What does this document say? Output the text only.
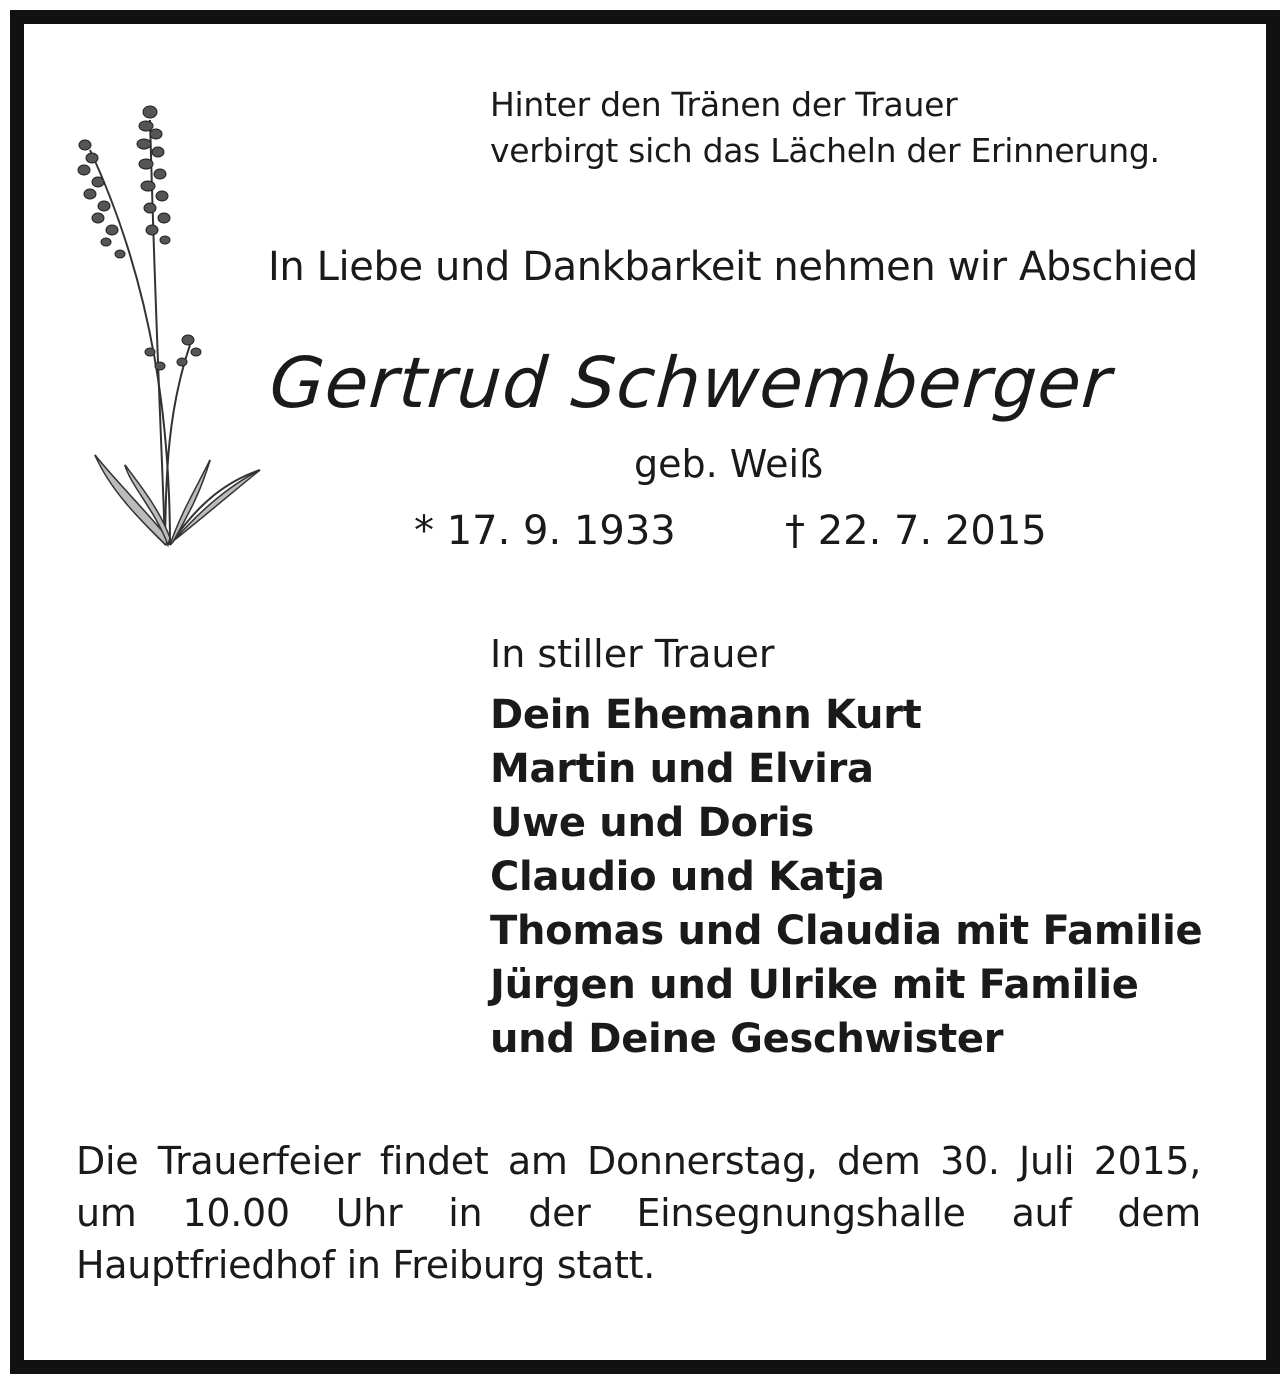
Hinter den Tränen der Trauer
verbirgt sich das Lächeln der Erinnerung.
In Liebe und Dankbarkeit nehmen wir Abschied
Gertrud Schwemberger
geb. Weiß
* 17. 9. 1933	† 22. 7. 2015
In stiller Trauer
Dein Ehemann Kurt
Martin und Elvira
Uwe und Doris
Claudio und Katja
Thomas und Claudia mit Familie
Jürgen und Ulrike mit Familie
und Deine Geschwister
Die Trauerfeier findet am Donnerstag, dem 30. Juli 2015, um 10.00 Uhr in der Einsegnungshalle auf dem Hauptfriedhof in Freiburg statt.
